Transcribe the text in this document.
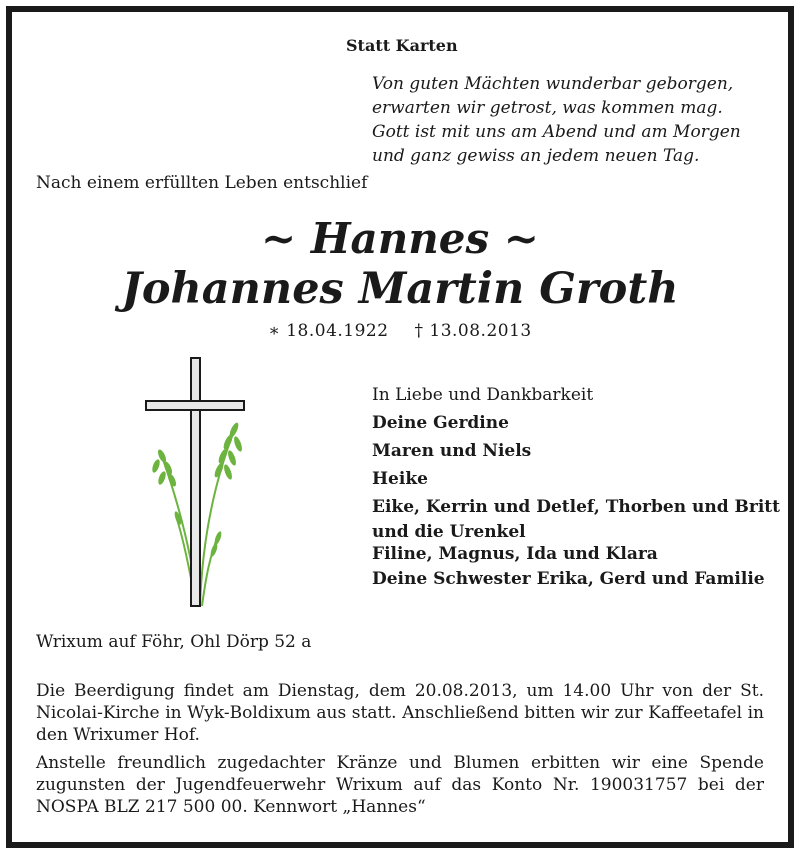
Statt Karten
Von guten Mächten wunderbar geborgen,
erwarten wir getrost, was kommen mag.
Gott ist mit uns am Abend und am Morgen
und ganz gewiss an jedem neuen Tag.
Nach einem erfüllten Leben entschlief
~ Hannes ~
Johannes Martin Groth
∗ 18.04.1922 † 13.08.2013
In Liebe und Dankbarkeit
Deine Gerdine
Maren und Niels
Heike
Eike, Kerrin und Detlef, Thorben und Britt
und die Urenkel
Filine, Magnus, Ida und Klara
Deine Schwester Erika, Gerd und Familie
Wrixum auf Föhr, Ohl Dörp 52 a
Die Beerdigung findet am Dienstag, dem 20.08.2013, um 14.00 Uhr von der St. Nicolai-Kirche in Wyk-Boldixum aus statt. Anschließend bitten wir zur Kaffeetafel in den Wrixumer Hof.
Anstelle freundlich zugedachter Kränze und Blumen erbitten wir eine Spende zugunsten der Jugendfeuerwehr Wrixum auf das Konto Nr. 190031757 bei der NOSPA BLZ 217 500 00. Kennwort „Hannes“
